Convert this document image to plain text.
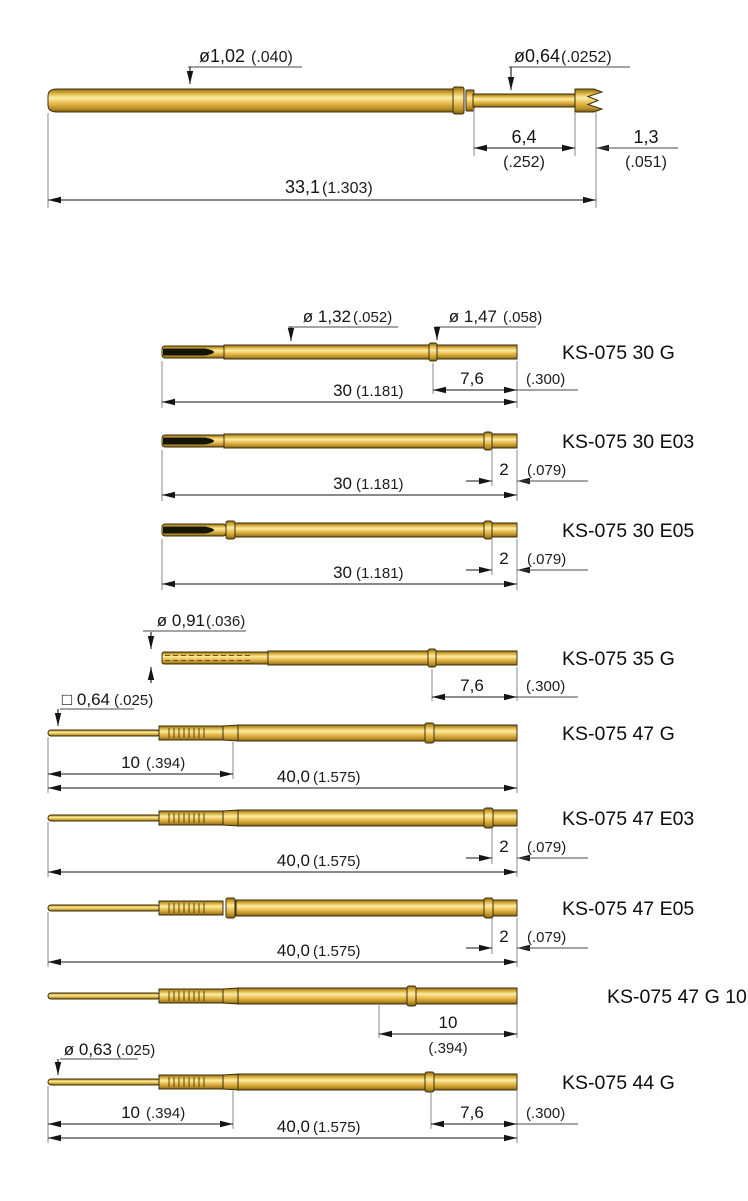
ø1,02 (.040)	ø0,64 (.0252)
6,4
(.252)
1,3
(.051)
33,1 (1.303)
ø 1,32 (.052)	ø 1,47 (.058)
7,6	(.300)
30 (1.181)
KS-075 30 G
2 (.079)
30 (1.181)
KS-075 30 E03
2 (.079)
30 (1.181)
KS-075 30 E05
ø 0,91 (.036)
7,6	(.300)
KS-075 35 G
□ 0,64 (.025)
10 (.394)
40,0 (1.575)
KS-075 47 G
2 (.079)
40,0 (1.575)
KS-075 47 E03
2 (.079)
40,0 (1.575)
KS-075 47 E05
10
(.394)
KS-075 47 G 10
ø 0,63 (.025)
10 (.394)	7,6	(.300)
40,0 (1.575)
KS-075 44 G
